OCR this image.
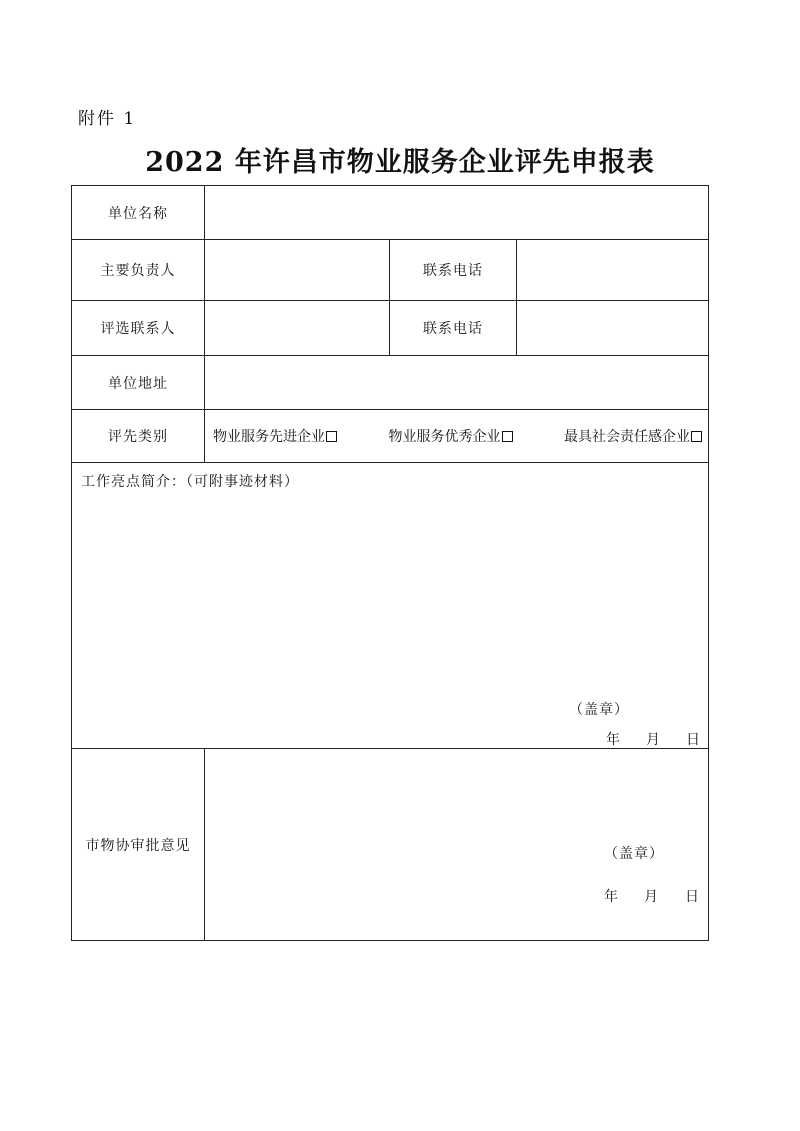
附件 1
2022 年许昌市物业服务企业评先申报表
单位名称			
主要负责人		联系电话	
评选联系人		联系电话	
单位地址			
评先类别	物业服务先进企业 物业服务优秀企业 最具社会责任感企业		

工作亮点简介：（可附事迹材料）
（盖章）
年 月 日			

市物协审批意见	（盖章）
年 月 日		
